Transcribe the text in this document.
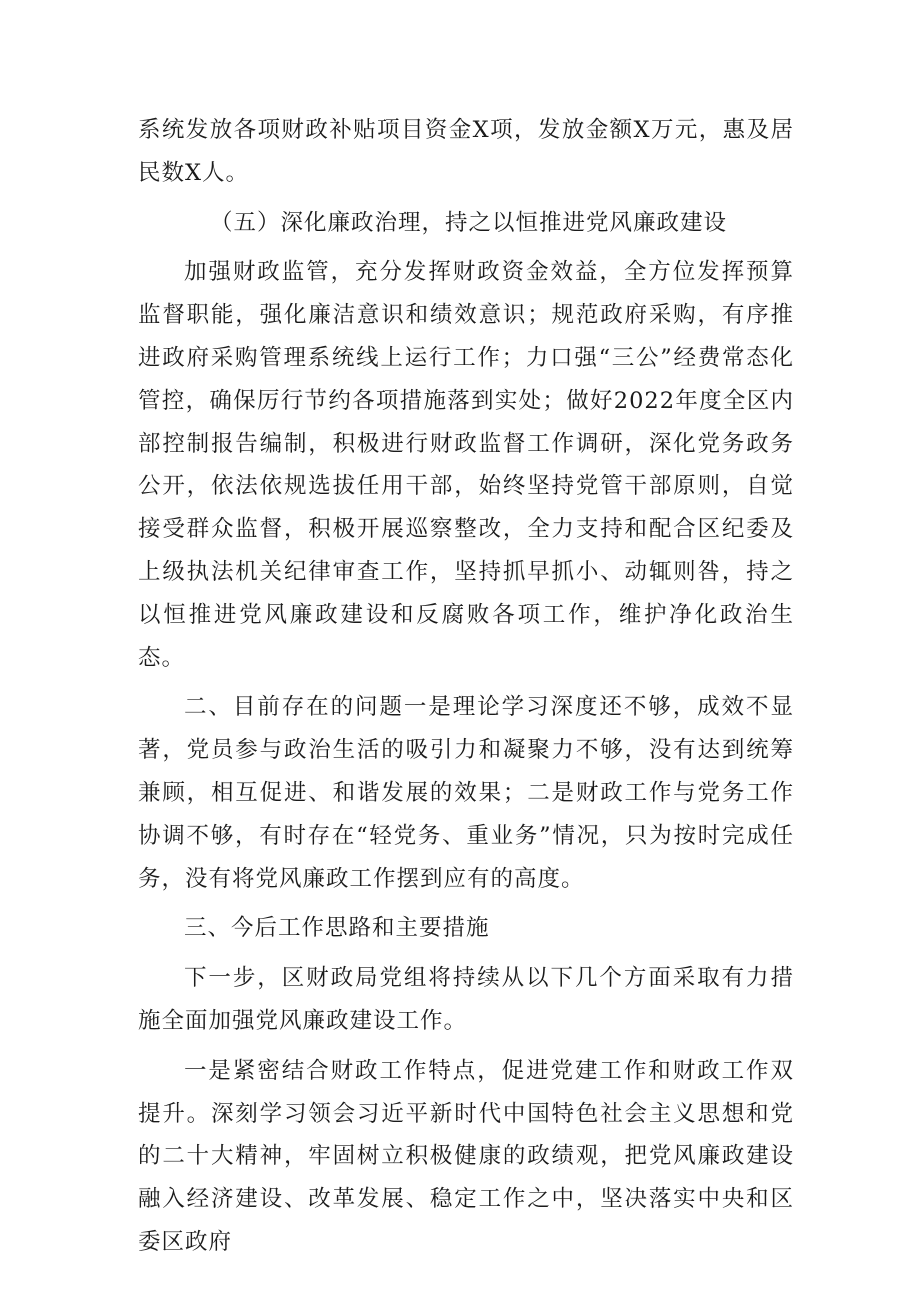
系统发放各项财政补贴项目资金X项，发放金额X万元，惠及居民数X人。

（五）深化廉政治理，持之以恒推进党风廉政建设

加强财政监管，充分发挥财政资金效益，全方位发挥预算监督职能，强化廉洁意识和绩效意识；规范政府采购，有序推进政府采购管理系统线上运行工作；力口强“三公”经费常态化管控，确保厉行节约各项措施落到实处；做好2022年度全区内部控制报告编制，积极进行财政监督工作调研，深化党务政务公开，依法依规选拔任用干部，始终坚持党管干部原则，自觉接受群众监督，积极开展巡察整改，全力支持和配合区纪委及上级执法机关纪律审查工作，坚持抓早抓小、动辄则咎，持之以恒推进党风廉政建设和反腐败各项工作，维护净化政治生态。

二、目前存在的问题一是理论学习深度还不够，成效不显著，党员参与政治生活的吸引力和凝聚力不够，没有达到统筹兼顾，相互促进、和谐发展的效果；二是财政工作与党务工作协调不够，有时存在“轻党务、重业务”情况，只为按时完成任务，没有将党风廉政工作摆到应有的高度。

三、今后工作思路和主要措施

下一步，区财政局党组将持续从以下几个方面采取有力措施全面加强党风廉政建设工作。

一是紧密结合财政工作特点，促进党建工作和财政工作双提升。深刻学习领会习近平新时代中国特色社会主义思想和党的二十大精神，牢固树立积极健康的政绩观，把党风廉政建设融入经济建设、改革发展、稳定工作之中，坚决落实中央和区委区政府
